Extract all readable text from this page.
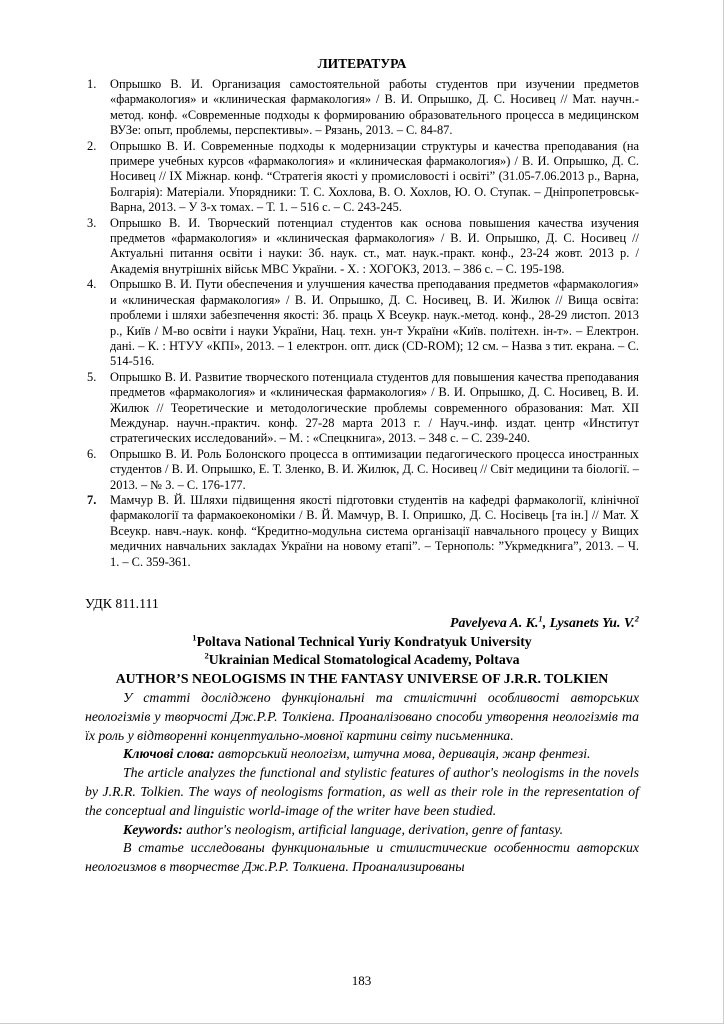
ЛИТЕРАТУРА
1.	Опрышко В. И. Организация самостоятельной работы студентов при изучении предметов «фармакология» и «клиническая фармакология» / В. И. Опрышко, Д. С. Носивец // Мат. научн.-метод. конф. «Современные подходы к формированию образовательного процесса в медицинском ВУЗе: опыт, проблемы, перспективы». – Рязань, 2013. – С. 84-87.
2.	Опрышко В. И. Современные подходы к модернизации структуры и качества преподавания (на примере учебных курсов «фармакология» и «клиническая фармакология») / В. И. Опрышко, Д. С. Носивец // IX Міжнар. конф. “Стратегія якості у промисловості і освіті” (31.05-7.06.2013 р., Варна, Болгарія): Матеріали. Упорядники: Т. С. Хохлова, В. О. Хохлов, Ю. О. Ступак. – Дніпропетровськ-Варна, 2013. – У 3-х томах. – Т. 1. – 516 с. – С. 243-245.
3.	Опрышко В. И. Творческий потенциал студентов как основа повышения качества изучения предметов «фармакология» и «клиническая фармакология» / В. И. Опрышко, Д. С. Носивец // Актуальні питання освіти і науки: Зб. наук. ст., мат. наук.-практ. конф., 23-24 жовт. 2013 р. / Академія внутрішніх військ МВС України. - Х. : ХОГОКЗ, 2013. – 386 с. – С. 195-198.
4.	Опрышко В. И. Пути обеспечения и улучшения качества преподавания предметов «фармакология» и «клиническая фармакология» / В. И. Опрышко, Д. С. Носивец, В. И. Жилюк // Вища освіта: проблеми і шляхи забезпечення якості: Зб. праць X Всеукр. наук.-метод. конф., 28-29 листоп. 2013 р., Київ / М-во освіти і науки України, Нац. техн. ун-т України «Київ. політехн. ін-т». – Електрон. дані. – К. : НТУУ «КПІ», 2013. – 1 електрон. опт. диск (CD-ROM); 12 см. – Назва з тит. екрана. – С. 514-516.
5.	Опрышко В. И. Развитие творческого потенциала студентов для повышения качества преподавания предметов «фармакология» и «клиническая фармакология» / В. И. Опрышко, Д. С. Носивец, В. И. Жилюк // Теоретические и методологические проблемы современного образования: Мат. XII Междунар. научн.-практич. конф. 27-28 марта 2013 г. / Науч.-инф. издат. центр «Институт стратегических исследований». – М. : «Спецкнига», 2013. – 348 с. – С. 239-240.
6.	Опрышко В. И. Роль Болонского процесса в оптимизации педагогического процесса иностранных студентов / В. И. Опрышко, Е. Т. Зленко, В. И. Жилюк, Д. С. Носивец // Світ медицини та біології. – 2013. – № 3. – С. 176-177.
7.	Мамчур В. Й. Шляхи підвищення якості підготовки студентів на кафедрі фармакології, клінічної фармакології та фармакоекономіки / В. Й. Мамчур, В. І. Опришко, Д. С. Носівець [та ін.] // Мат. X Всеукр. навч.-наук. конф. “Кредитно-модульна система організації навчального процесу у Вищих медичних навчальних закладах України на новому етапі”. – Тернополь: ”Укрмедкнига”, 2013. – Ч. 1. – С. 359-361.
УДК 811.111
Pavelyeva A. K.$^1$, Lysanets Yu. V.$^2$
$^1$Poltava National Technical Yuriy Kondratyuk University
$^2$Ukrainian Medical Stomatological Academy, Poltava
AUTHOR’S NEOLOGISMS IN THE FANTASY UNIVERSE OF J.R.R. TOLKIEN

У статті досліджено функціональні та стилістичні особливості авторських неологізмів у творчості Дж.Р.Р. Толкіена. Проаналізовано способи утворення неологізмів та їх роль у відтворенні концептуально-мовної картини світу письменника.

Ключові слова: авторський неологізм, штучна мова, деривація, жанр фентезі.

The article analyzes the functional and stylistic features of author's neologisms in the novels by J.R.R. Tolkien. The ways of neologisms formation, as well as their role in the representation of the conceptual and linguistic world-image of the writer have been studied.

Keywords: author's neologism, artificial language, derivation, genre of fantasy.

В статье исследованы функциональные и стилистические особенности авторских неологизмов в творчестве Дж.Р.Р. Толкиена. Проанализированы

183
